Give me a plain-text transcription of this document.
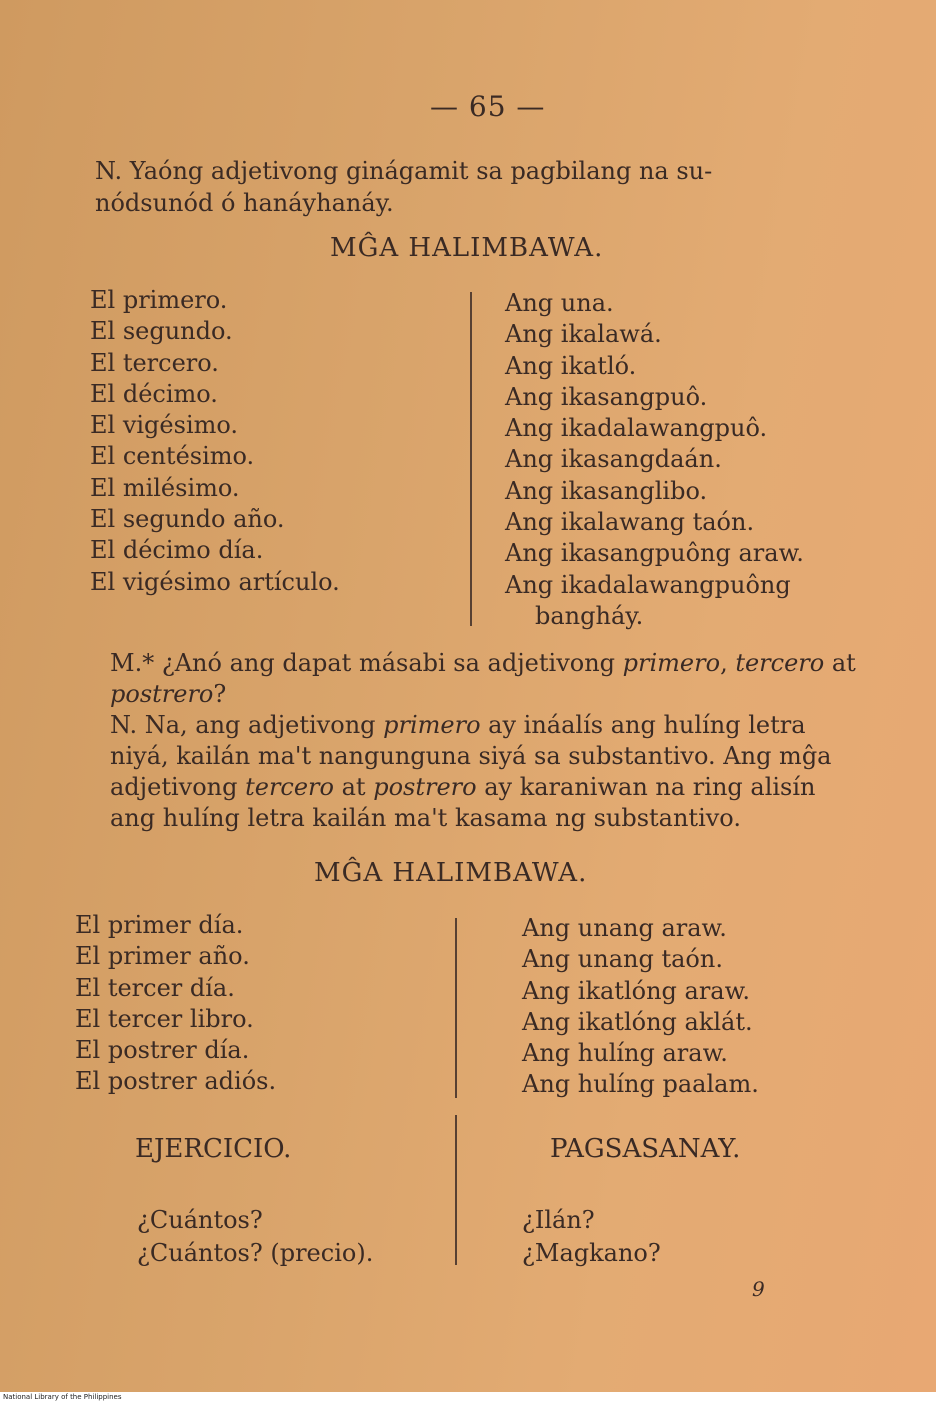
— 65 —
N. Yaóng adjetivong ginágamit sa pagbilang na su-
nódsunód ó hanáyhanáy.
MĜA HALIMBAWA.
El primero.
El segundo.
El tercero.
El décimo.
El vigésimo.
El centésimo.
El milésimo.
El segundo año.
El décimo día.
El vigésimo artículo.
Ang una.
Ang ikalawá.
Ang ikatló.
Ang ikasangpuô.
Ang ikadalawangpuô.
Ang ikasangdaán.
Ang ikasanglibo.
Ang ikalawang taón.
Ang ikasangpuông araw.
Ang ikadalawangpuông
bangháy.
M.* ¿Anó ang dapat másabi sa adjetivong primero, tercero at postrero?
N. Na, ang adjetivong primero ay ináalís ang hulíng letra niyá, kailán ma't nangunguna siyá sa substantivo. Ang mĝa adjetivong tercero at postrero ay karaniwan na ring alisín ang hulíng letra kailán ma't kasama ng substantivo.
MĜA HALIMBAWA.
El primer día.
El primer año.
El tercer día.
El tercer libro.
El postrer día.
El postrer adiós.
Ang unang araw.
Ang unang taón.
Ang ikatlóng araw.
Ang ikatlóng aklát.
Ang hulíng araw.
Ang hulíng paalam.
EJERCICIO.	PAGSASANAY.
¿Cuántos?
¿Cuántos? (precio).
¿Ilán?
¿Magkano?
9
National Library of the Philippines
